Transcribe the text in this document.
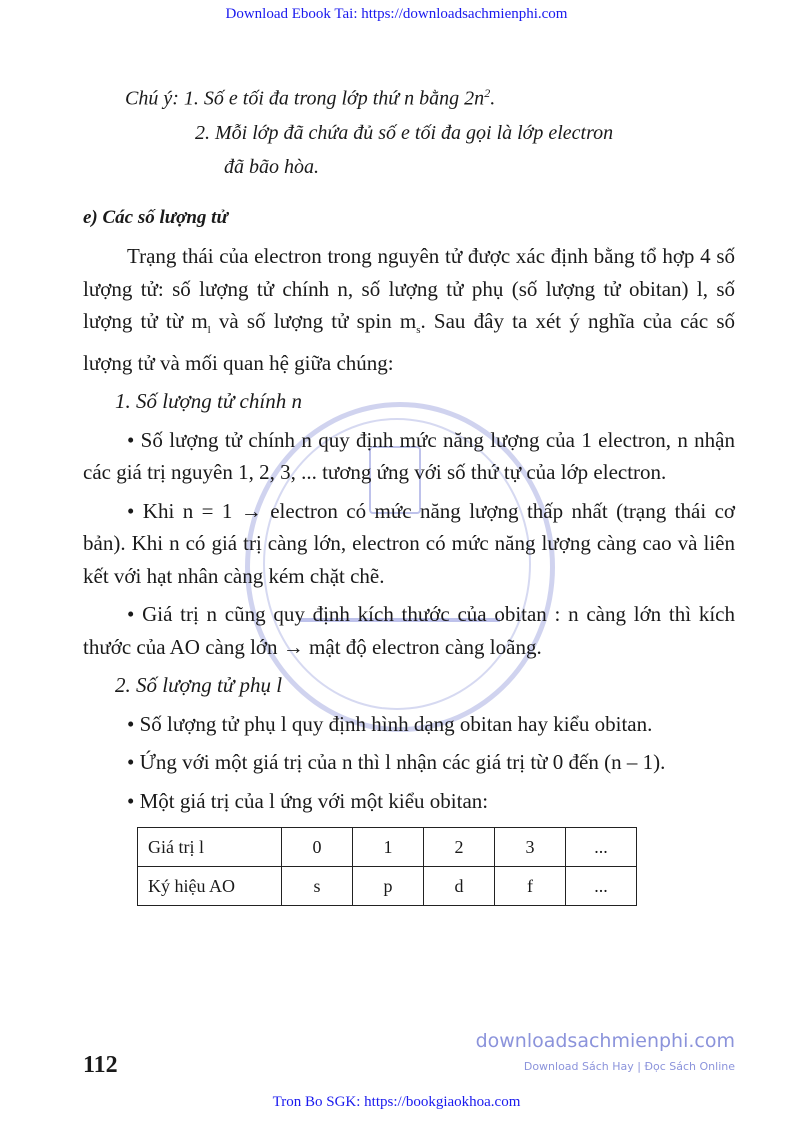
Download Ebook Tai: https://downloadsachmienphi.com
Chú ý: 1. Số e tối đa trong lớp thứ n bằng $2n^2$.
2. Mỗi lớp đã chứa đủ số e tối đa gọi là lớp electron
đã bão hòa.
e) Các số lượng tử
Trạng thái của electron trong nguyên tử được xác định bằng tổ hợp 4 số lượng tử: số lượng tử chính n, số lượng tử phụ (số lượng tử obitan) l, số lượng tử từ $m_l$ và số lượng tử spin $m_s$. Sau đây ta xét ý nghĩa của các số lượng tử và mối quan hệ giữa chúng:
1. Số lượng tử chính n
• Số lượng tử chính n quy định mức năng lượng của 1 electron, n nhận các giá trị nguyên 1, 2, 3, ... tương ứng với số thứ tự của lớp electron.
• Khi n = 1 → electron có mức năng lượng thấp nhất (trạng thái cơ bản). Khi n có giá trị càng lớn, electron có mức năng lượng càng cao và liên kết với hạt nhân càng kém chặt chẽ.
• Giá trị n cũng quy định kích thước của obitan : n càng lớn thì kích thước của AO càng lớn → mật độ electron càng loãng.
2. Số lượng tử phụ l
• Số lượng tử phụ l quy định hình dạng obitan hay kiểu obitan.
• Ứng với một giá trị của n thì l nhận các giá trị từ 0 đến (n – 1).
• Một giá trị của l ứng với một kiểu obitan:
Giá trị l	0	1	2	3	...
Ký hiệu AO	s	p	d	f	...
112
downloadsachmienphi.com
Download Sách Hay | Đọc Sách Online
Tron Bo SGK: https://bookgiaokhoa.com
